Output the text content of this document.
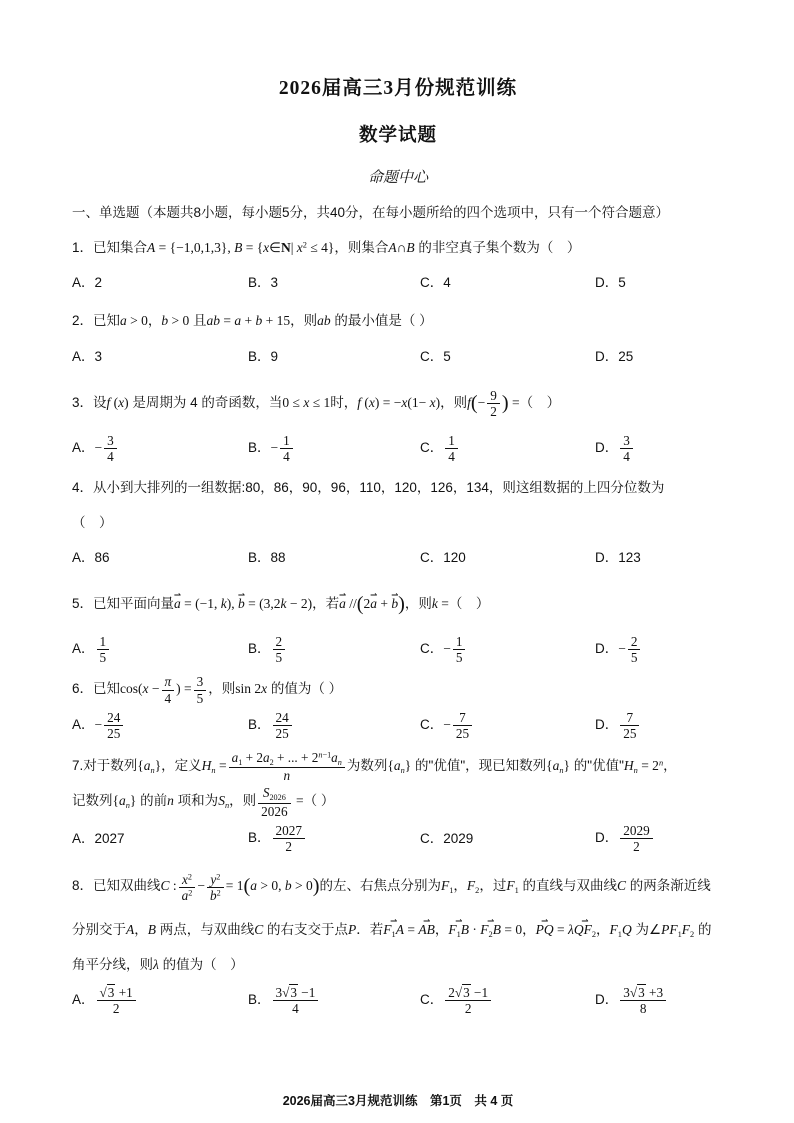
2026届高三3月份规范训练
数学试题
命题中心
一、单选题（本题共8小题，每小题5分，共40分，在每小题所给的四个选项中，只有一个符合题意）
1．已知集合A = {−1,0,1,3}, B = {x∈N| $x^2 \le 4$}，则集合A∩B 的非空真子集个数为（　）
A．2	B．3	C．4	D．5
2．已知a > 0，b > 0 且ab = a + b + 15，则ab 的最小值是（ ）
A．3	B．9	C．5	D．25
3．设f (x) 是周期为 4 的奇函数，当0 ≤ x ≤ 1时，f (x) = −x(1− x)，则$f(- \frac{9}{2}$ ) =（　）
A．− $\frac{3}{4}$	B．− $\frac{1}{4}$	C． $\frac{1}{4}$	D． $\frac{3}{4}$
4．从小到大排列的一组数据:80，86，90，96，110，120，126，134，则这组数据的上四分位数为
（　）
A．86	B．88	C．120	D．123
5．已知平面向量⇀ a = (−1, k), ⇀ b = (3,2k − 2)，若⇀ a //(2⇀ a + ⇀ b)，则k =（　）
A． $\frac{1}{5}$	B． $\frac{2}{5}$	C．− $\frac{1}{5}$	D．− $\frac{2}{5}$
6．已知$\cos(x - \frac{\pi}{4}$ ) = $\frac{3}{5}$ ，则sin 2x 的值为（ ）
A．− $\frac{24}{25}$	B． $\frac{24}{25}$	C．− $\frac{7}{25}$	D． $\frac{7}{25}$
7.对于数列$\{a_n\}$，定义$H_n = \frac{a_1 + 2a_2 + ... + 2^{n-1}a_n}{n}$ 为数列$\{a_n\}$ 的"优值"，现已知数列$\{a_n\}$ 的"优值"$H_n = 2^n$，
记数列$\{a_n\}$ 的前n 项和为$S_n$，则 $\frac{S_{2026}}{2026}$ =（ ）
A．2027	B． $\frac{2027}{2}$	C．2029	D． $\frac{2029}{2}$
8．已知双曲线C : $\frac{x^2}{a^2} - \frac{y^2}{b^2} = 1(a > 0$, b > 0)的左、右焦点分别为$F_1$，$F_2$，过$F_1$ 的直线与双曲线C 的两条渐近线分别交于A，B 两点，与双曲线C 的右支交于点P．若⇀ $F_1A$ = ⇀ AB，⇀ $F_1B$ · ⇀ $F_2B = 0$，⇀ PQ = λ⇀ $QF_2$，$F_1Q$ 为$\angle PF_1F_2$ 的角平分线，则λ 的值为（　）
A． $\frac{√3 +1}{2}$	B． $\frac{3√3 -1}{4}$	C． $\frac{2√3 -1}{2}$	D． $\frac{3√3 +3}{8}$
2026届高三3月规范训练　第1页　共 4 页
